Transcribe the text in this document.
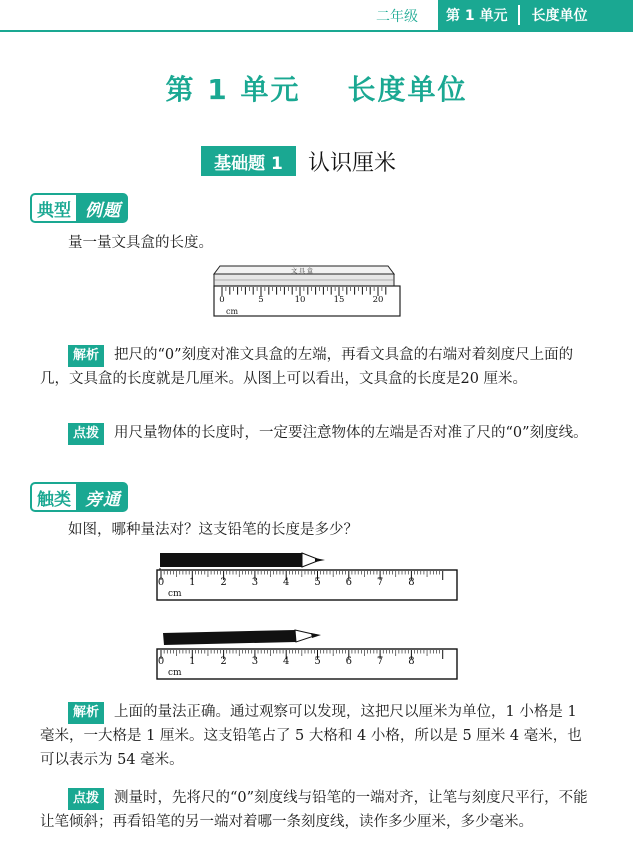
二年级 第 1 单元	长度单位
第 1 单元    长度单位
基础题 1	认识厘米
典型 例题
量一量文具盒的长度。
文 具 盒
0	5	10	15	20
cm
解析 把尺的“0”刻度对准文具盒的左端，再看文具盒的右端对着刻度尺上面的几，文具盒的长度就是几厘米。从图上可以看出，文具盒的长度是20 厘米。
点拨 用尺量物体的长度时，一定要注意物体的左端是否对准了尺的“0”刻度线。
触类 旁通
如图，哪种量法对？这支铅笔的长度是多少？
0 1 2 3 4 5 6 7 8
cm
0 1 2 3 4 5 6 7 8
cm
解析 上面的量法正确。通过观察可以发现，这把尺以厘米为单位，1 小格是 1 毫米，一大格是 1 厘米。这支铅笔占了 5 大格和 4 小格，所以是 5 厘米 4 毫米，也可以表示为 54 毫米。
点拨 测量时，先将尺的“0”刻度线与铅笔的一端对齐，让笔与刻度尺平行，不能让笔倾斜；再看铅笔的另一端对着哪一条刻度线，读作多少厘米，多少毫米。
